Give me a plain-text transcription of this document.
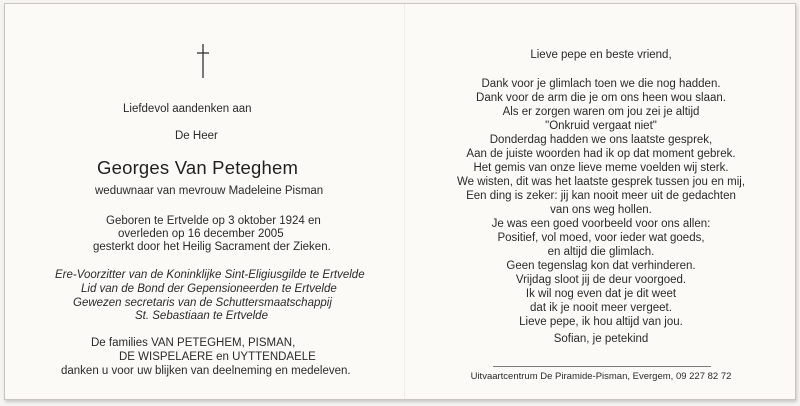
Liefdevol aandenken aan
De Heer
Georges Van Peteghem
weduwnaar van mevrouw Madeleine Pisman
Geboren te Ertvelde op 3 oktober 1924 en
overleden op 16 december 2005
gesterkt door het Heilig Sacrament der Zieken.
Ere-Voorzitter van de Koninklijke Sint-Eligiusgilde te Ertvelde
Lid van de Bond der Gepensioneerden te Ertvelde
Gewezen secretaris van de Schuttersmaatschappij
St. Sebastiaan te Ertvelde
De families VAN PETEGHEM, PISMAN,
DE WISPELAERE en UYTTENDAELE
danken u voor uw blijken van deelneming en medeleven.
Lieve pepe en beste vriend,
Dank voor je glimlach toen we die nog hadden.
Dank voor de arm die je om ons heen wou slaan.
Als er zorgen waren om jou zei je altijd
"Onkruid vergaat niet"
Donderdag hadden we ons laatste gesprek,
Aan de juiste woorden had ik op dat moment gebrek.
Het gemis van onze lieve meme voelden wij sterk.
We wisten, dit was het laatste gesprek tussen jou en mij,
Een ding is zeker: jij kan nooit meer uit de gedachten
van ons weg hollen.
Je was een goed voorbeeld voor ons allen:
Positief, vol moed, voor ieder wat goeds,
en altijd die glimlach.
Geen tegenslag kon dat verhinderen.
Vrijdag sloot jij de deur voorgoed.
Ik wil nog even dat je dit weet
dat ik je nooit meer vergeet.
Lieve pepe, ik hou altijd van jou.
Sofian, je petekind
Uitvaartcentrum De Piramide-Pisman, Evergem, 09 227 82 72
